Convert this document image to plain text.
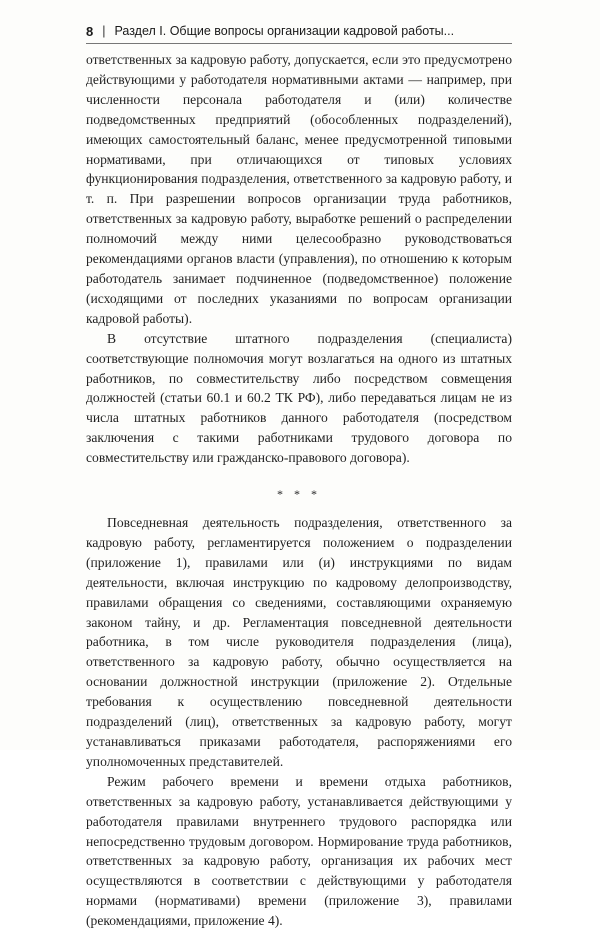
8 | Раздел I. Общие вопросы организации кадровой работы...

ответственных за кадровую работу, допускается, если это предусмотрено действующими у работодателя нормативными актами — например, при численности персонала работодателя и (или) количестве подведомственных предприятий (обособленных подразделений), имеющих самостоятельный баланс, менее предусмотренной типовыми нормативами, при отличающихся от типовых условиях функционирования подразделения, ответственного за кадровую работу, и т. п. При разрешении вопросов организации труда работников, ответственных за кадровую работу, выработке решений о распределении полномочий между ними целесообразно руководствоваться рекомендациями органов власти (управления), по отношению к которым работодатель занимает подчиненное (подведомственное) положение (исходящими от последних указаниями по вопросам организации кадровой работы).

В отсутствие штатного подразделения (специалиста) соответствующие полномочия могут возлагаться на одного из штатных работников, по совместительству либо посредством совмещения должностей (статьи 60.1 и 60.2 ТК РФ), либо передаваться лицам не из числа штатных работников данного работодателя (посредством заключения с такими работниками трудового договора по совместительству или гражданско-правового договора).

* * *

Повседневная деятельность подразделения, ответственного за кадровую работу, регламентируется положением о подразделении (приложение 1), правилами или (и) инструкциями по видам деятельности, включая инструкцию по кадровому делопроизводству, правилами обращения со сведениями, составляющими охраняемую законом тайну, и др. Регламентация повседневной деятельности работника, в том числе руководителя подразделения (лица), ответственного за кадровую работу, обычно осуществляется на основании должностной инструкции (приложение 2). Отдельные требования к осуществлению повседневной деятельности подразделений (лиц), ответственных за кадровую работу, могут устанавливаться приказами работодателя, распоряжениями его уполномоченных представителей.

Режим рабочего времени и времени отдыха работников, ответственных за кадровую работу, устанавливается действующими у работодателя правилами внутреннего трудового распорядка или непосредственно трудовым договором. Нормирование труда работников, ответственных за кадровую работу, организация их рабочих мест осуществляются в соответствии с действующими у работодателя нормами (нормативами) времени (приложение 3), правилами (рекомендациями, приложение 4).
